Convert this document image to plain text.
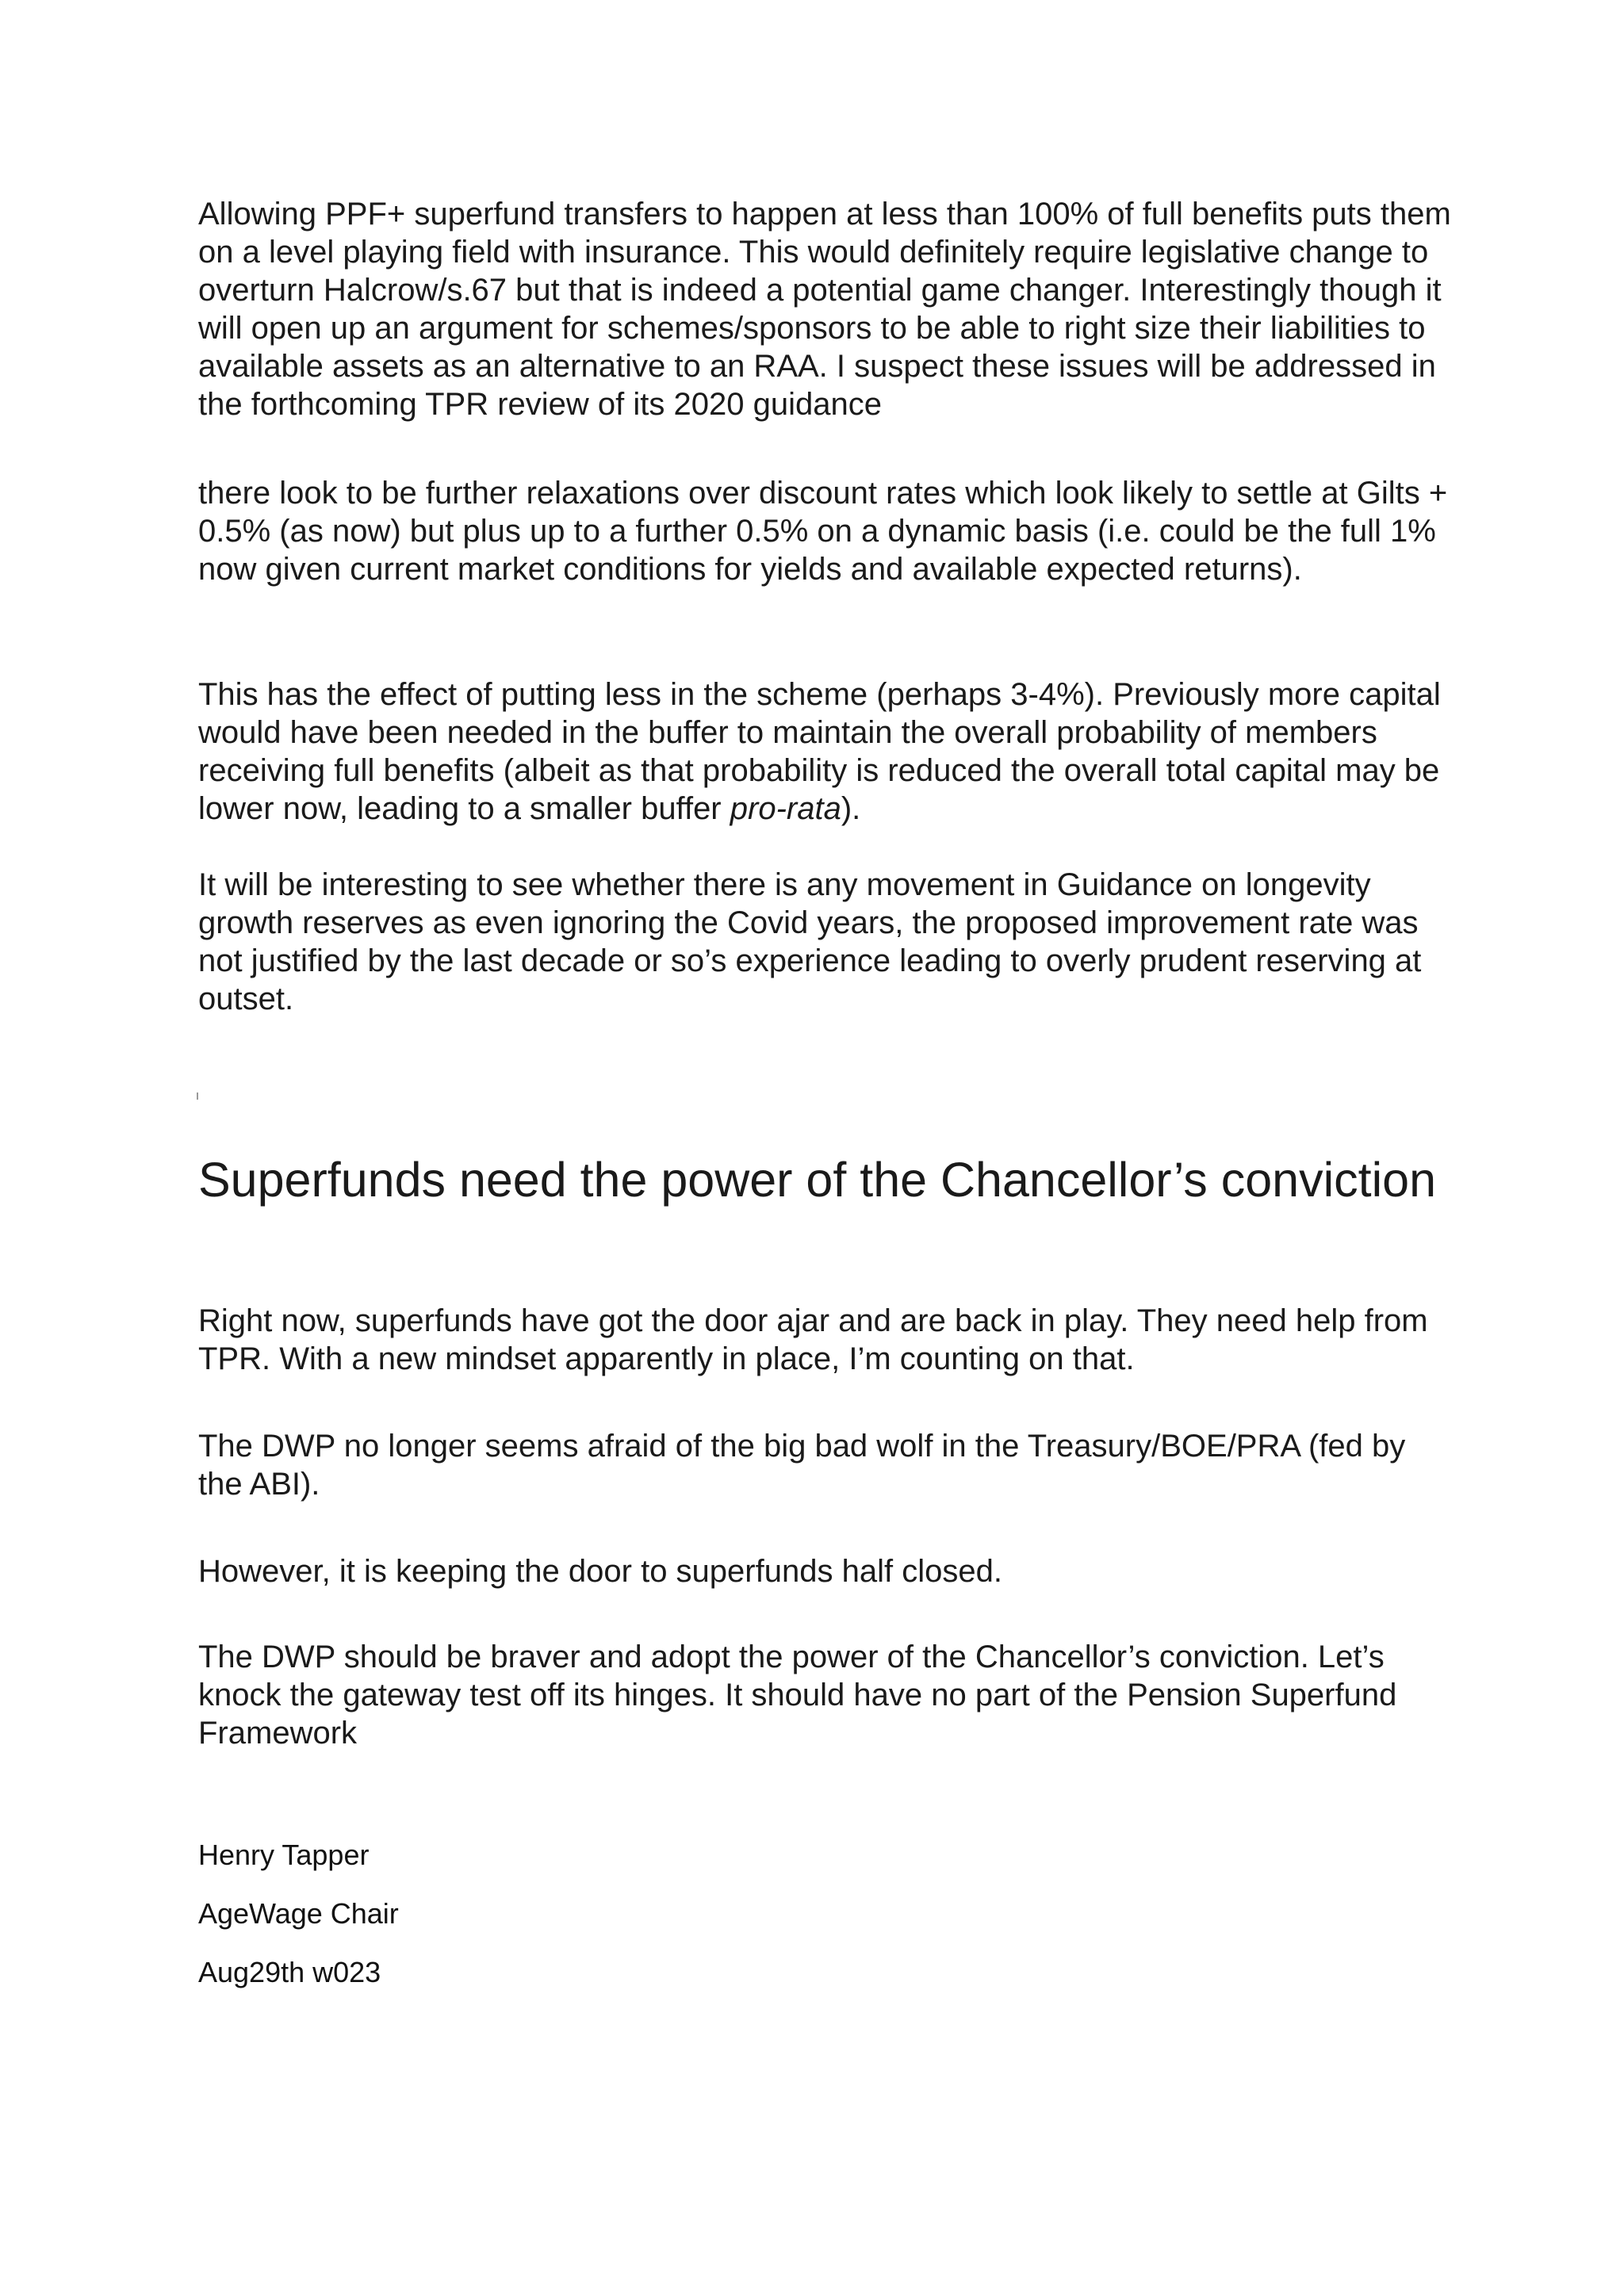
Allowing PPF+ superfund transfers to happen at less than 100% of full benefits puts them on a level playing field with insurance. This would definitely require legislative change to overturn Halcrow/s.67 but that is indeed a potential game changer. Interestingly though it will open up an argument for schemes/sponsors to be able to right size their liabilities to available assets as an alternative to an RAA. I suspect these issues will be addressed in the forthcoming TPR review of its 2020 guidance

there look to be further relaxations over discount rates which look likely to settle at Gilts + 0.5% (as now) but plus up to a further 0.5% on a dynamic basis (i.e. could be the full 1% now given current market conditions for yields and available expected returns).

This has the effect of putting less in the scheme (perhaps 3-4%). Previously more capital would have been needed in the buffer to maintain the overall probability of members receiving full benefits (albeit as that probability is reduced the overall total capital may be lower now, leading to a smaller buffer pro-rata).

It will be interesting to see whether there is any movement in Guidance on longevity growth reserves as even ignoring the Covid years, the proposed improvement rate was not justified by the last decade or so’s experience leading to overly prudent reserving at outset.

Superfunds need the power of the Chancellor’s conviction

Right now, superfunds have got the door ajar and are back in play. They need help from TPR. With a new mindset apparently in place, I’m counting on that.

The DWP no longer seems afraid of the big bad wolf in the Treasury/BOE/PRA (fed by the ABI).

However, it is keeping the door to superfunds half closed.

The DWP should be braver and adopt the power of the Chancellor’s conviction. Let’s knock the gateway test off its hinges. It should have no part of the Pension Superfund Framework

Henry Tapper

AgeWage Chair

Aug29th w023
